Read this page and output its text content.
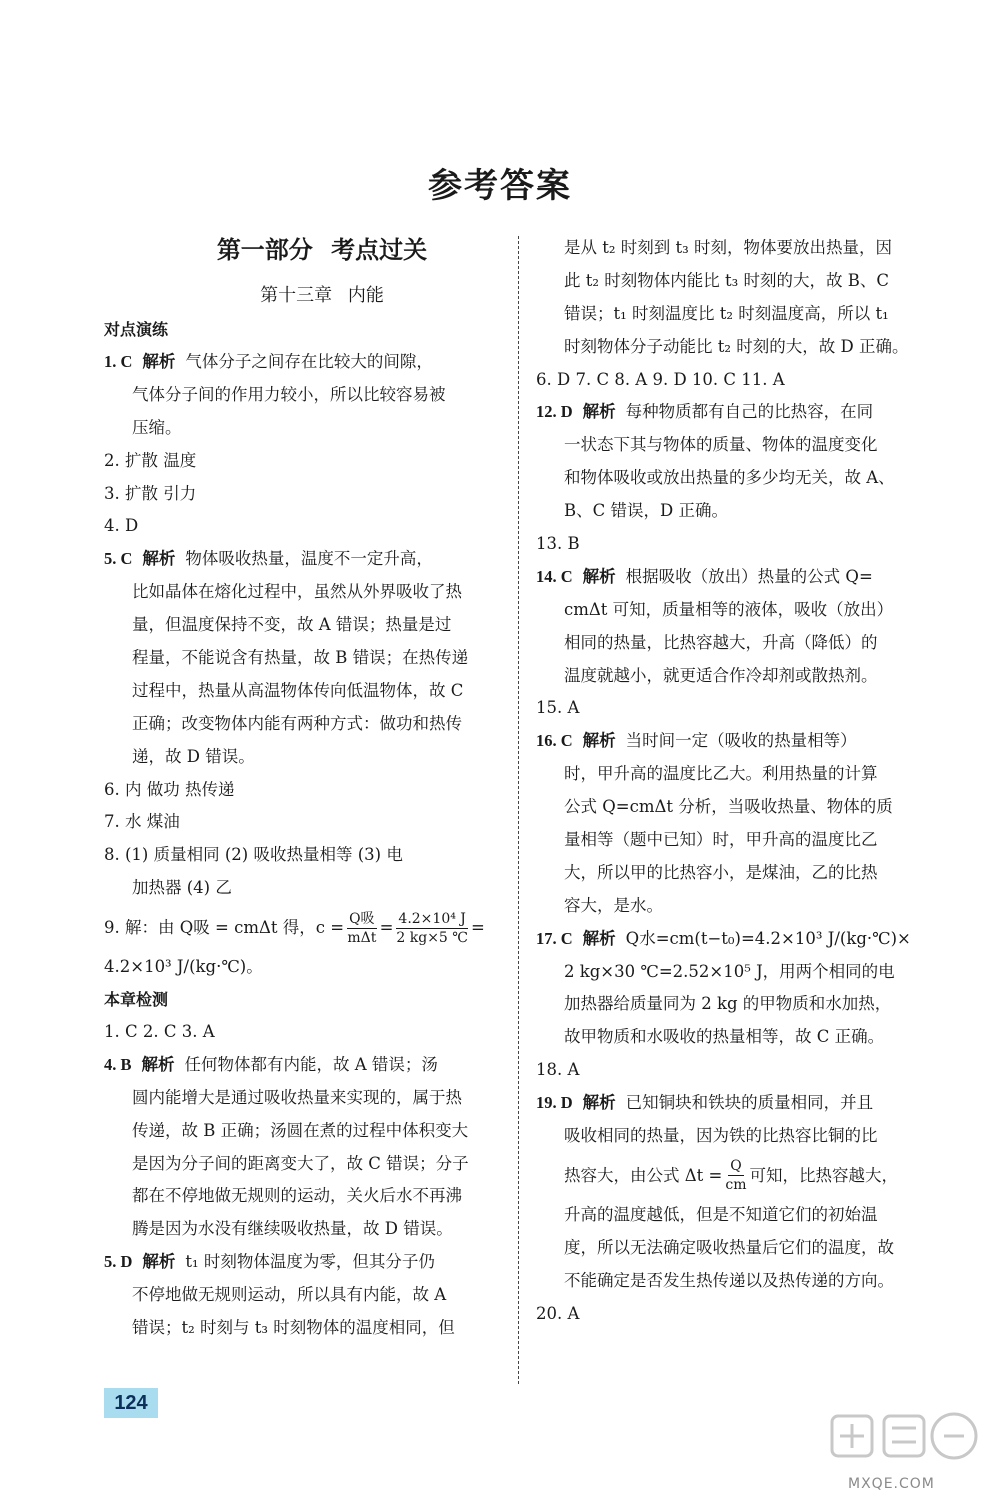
参考答案
第一部分 考点过关
第十三章 内能
对点演练
1. C 解析 气体分子之间存在比较大的间隙，
气体分子间的作用力较小，所以比较容易被
压缩。
2. 扩散 温度
3. 扩散 引力
4. D
5. C 解析 物体吸收热量，温度不一定升高，
比如晶体在熔化过程中，虽然从外界吸收了热
量，但温度保持不变，故 A 错误；热量是过
程量，不能说含有热量，故 B 错误；在热传递
过程中，热量从高温物体传向低温物体，故 C
正确；改变物体内能有两种方式：做功和热传
递，故 D 错误。
6. 内 做功 热传递
7. 水 煤油
8. (1) 质量相同 (2) 吸收热量相等 (3) 电
加热器 (4) 乙
9. 解：由 Q吸 = cmΔt 得，$c = \frac{\text{Q吸}}{\text{mΔt}} = \frac{\text{4.2×10⁴ J}}{2 kg\times 5 ℃}$ =
4.2×10³ J/(kg·℃)。
本章检测
1. C 2. C 3. A
4. B 解析 任何物体都有内能，故 A 错误；汤
圆内能增大是通过吸收热量来实现的，属于热
传递，故 B 正确；汤圆在煮的过程中体积变大
是因为分子间的距离变大了，故 C 错误；分子
都在不停地做无规则的运动，关火后水不再沸
腾是因为水没有继续吸收热量，故 D 错误。
5. D 解析 t₁ 时刻物体温度为零，但其分子仍
不停地做无规则运动，所以具有内能，故 A
错误；t₂ 时刻与 t₃ 时刻物体的温度相同，但
是从 t₂ 时刻到 t₃ 时刻，物体要放出热量，因
此 t₂ 时刻物体内能比 t₃ 时刻的大，故 B、C
错误；t₁ 时刻温度比 t₂ 时刻温度高，所以 t₁
时刻物体分子动能比 t₂ 时刻的大，故 D 正确。
6. D 7. C 8. A 9. D 10. C 11. A
12. D 解析 每种物质都有自己的比热容，在同
一状态下其与物体的质量、物体的温度变化
和物体吸收或放出热量的多少均无关，故 A、
B、C 错误，D 正确。
13. B
14. C 解析 根据吸收（放出）热量的公式 Q=
cmΔt 可知，质量相等的液体，吸收（放出）
相同的热量，比热容越大，升高（降低）的
温度就越小，就更适合作冷却剂或散热剂。
15. A
16. C 解析 当时间一定（吸收的热量相等）
时，甲升高的温度比乙大。利用热量的计算
公式 Q=cmΔt 分析，当吸收热量、物体的质
量相等（题中已知）时，甲升高的温度比乙
大，所以甲的比热容小，是煤油，乙的比热
容大，是水。
17. C 解析 Q水=cm(t−t₀)=4.2×10³ J/(kg·℃)×
2 kg×30 ℃=2.52×10⁵ J，用两个相同的电
加热器给质量同为 2 kg 的甲物质和水加热，
故甲物质和水吸收的热量相等，故 C 正确。
18. A
19. D 解析 已知铜块和铁块的质量相同，并且
吸收相同的热量，因为铁的比热容比铜的比
热容大，由公式 $\Delta t = \frac{Q}{cm}$ 可知，比热容越大，
升高的温度越低，但是不知道它们的初始温
度，所以无法确定吸收热量后它们的温度，故
不能确定是否发生热传递以及热传递的方向。
20. A
124
MXQE.COM
